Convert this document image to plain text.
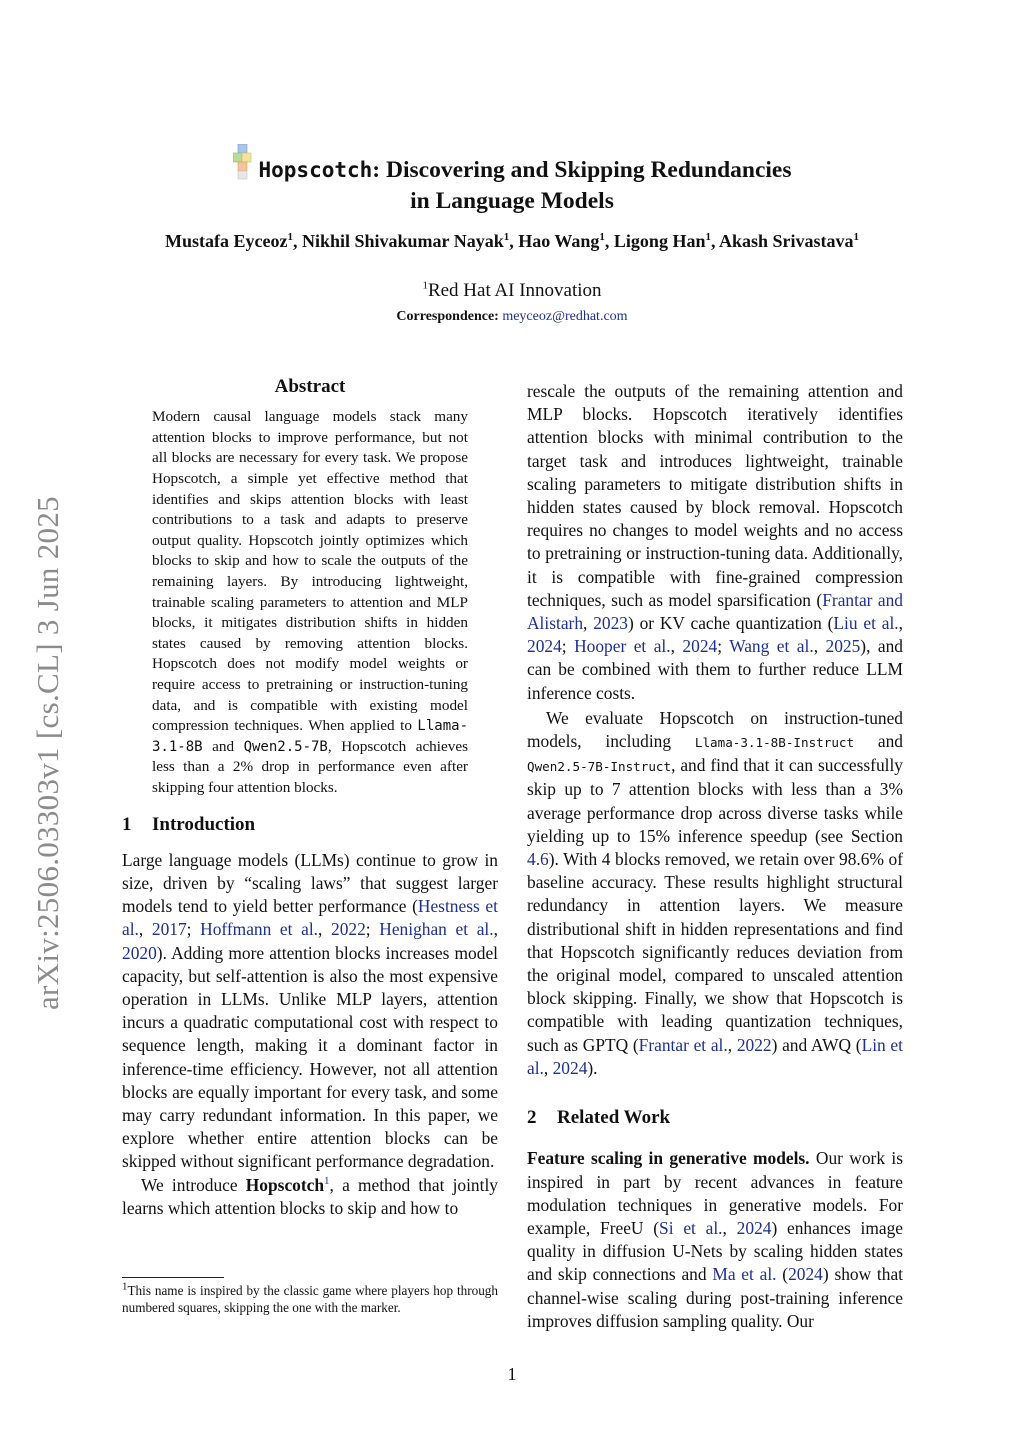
arXiv:2506.03303v1 [cs.CL] 3 Jun 2025
Hopscotch: Discovering and Skipping Redundancies
in Language Models
Mustafa Eyceoz$^1$, Nikhil Shivakumar Nayak$^1$, Hao Wang$^1$, Ligong Han$^1$, Akash Srivastava$^1$
$^1$Red Hat AI Innovation
Correspondence: meyceoz@redhat.com
Abstract

Modern causal language models stack many attention blocks to improve performance, but not all blocks are necessary for every task. We propose Hopscotch, a simple yet effective method that identifies and skips attention blocks with least contributions to a task and adapts to preserve output quality. Hopscotch jointly optimizes which blocks to skip and how to scale the outputs of the remaining layers. By introducing lightweight, trainable scaling parameters to attention and MLP blocks, it mitigates distribution shifts in hidden states caused by removing attention blocks. Hopscotch does not modify model weights or require access to pretraining or instruction-tuning data, and is compatible with existing model compression techniques. When applied to Llama-3.1-8B and Qwen2.5-7B, Hopscotch achieves less than a 2% drop in performance even after skipping four attention blocks.

1 Introduction

Large language models (LLMs) continue to grow in size, driven by “scaling laws” that suggest larger models tend to yield better performance (Hestness et al., 2017; Hoffmann et al., 2022; Henighan et al., 2020). Adding more attention blocks increases model capacity, but self-attention is also the most expensive operation in LLMs. Unlike MLP layers, attention incurs a quadratic computational cost with respect to sequence length, making it a dominant factor in inference-time efficiency. However, not all attention blocks are equally important for every task, and some may carry redundant information. In this paper, we explore whether entire attention blocks can be skipped without significant performance degradation.

We introduce Hopscotch$^1$, a method that jointly learns which attention blocks to skip and how to

$^1$This name is inspired by the classic game where players hop through numbered squares, skipping the one with the marker.

rescale the outputs of the remaining attention and MLP blocks. Hopscotch iteratively identifies attention blocks with minimal contribution to the target task and introduces lightweight, trainable scaling parameters to mitigate distribution shifts in hidden states caused by block removal. Hopscotch requires no changes to model weights and no access to pretraining or instruction-tuning data. Additionally, it is compatible with fine-grained compression techniques, such as model sparsification (Frantar and Alistarh, 2023) or KV cache quantization (Liu et al., 2024; Hooper et al., 2024; Wang et al., 2025), and can be combined with them to further reduce LLM inference costs.

We evaluate Hopscotch on instruction-tuned models, including Llama-3.1-8B-Instruct and Qwen2.5-7B-Instruct, and find that it can successfully skip up to 7 attention blocks with less than a 3% average performance drop across diverse tasks while yielding up to 15% inference speedup (see Section 4.6). With 4 blocks removed, we retain over 98.6% of baseline accuracy. These results highlight structural redundancy in attention layers. We measure distributional shift in hidden representations and find that Hopscotch significantly reduces deviation from the original model, compared to unscaled attention block skipping. Finally, we show that Hopscotch is compatible with leading quantization techniques, such as GPTQ (Frantar et al., 2022) and AWQ (Lin et al., 2024).

2 Related Work

Feature scaling in generative models. Our work is inspired in part by recent advances in feature modulation techniques in generative models. For example, FreeU (Si et al., 2024) enhances image quality in diffusion U-Nets by scaling hidden states and skip connections and Ma et al. (2024) show that channel-wise scaling during post-training inference improves diffusion sampling quality. Our

1
